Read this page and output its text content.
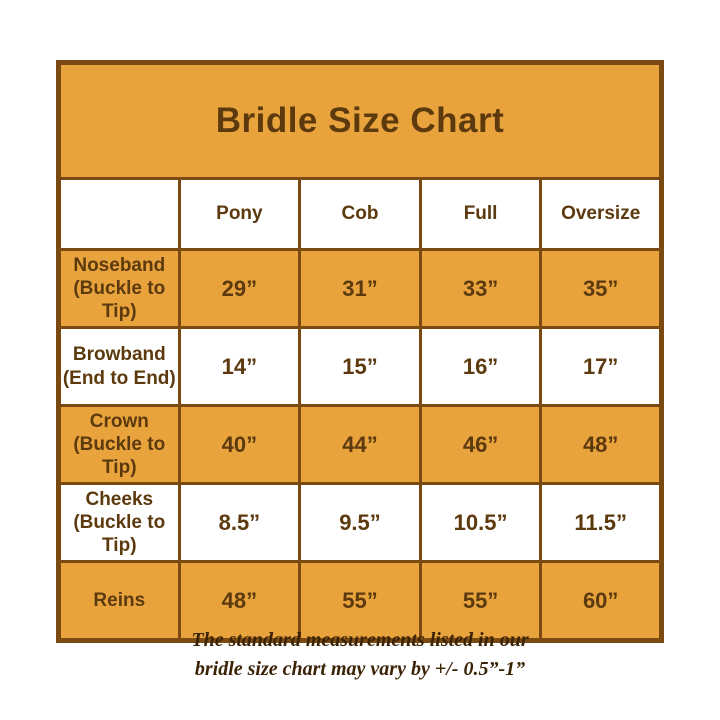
Bridle Size Chart				
	Pony	Cob	Full	Oversize
Noseband
(Buckle to Tip)	29”	31”	33”	35”
Browband
(End to End)	14”	15”	16”	17”
Crown
(Buckle to Tip)	40”	44”	46”	48”
Cheeks
(Buckle to Tip)	8.5”	9.5”	10.5”	11.5”
Reins	48”	55”	55”	60”
The standard measurements listed in our
bridle size chart may vary by +/- 0.5”-1”
